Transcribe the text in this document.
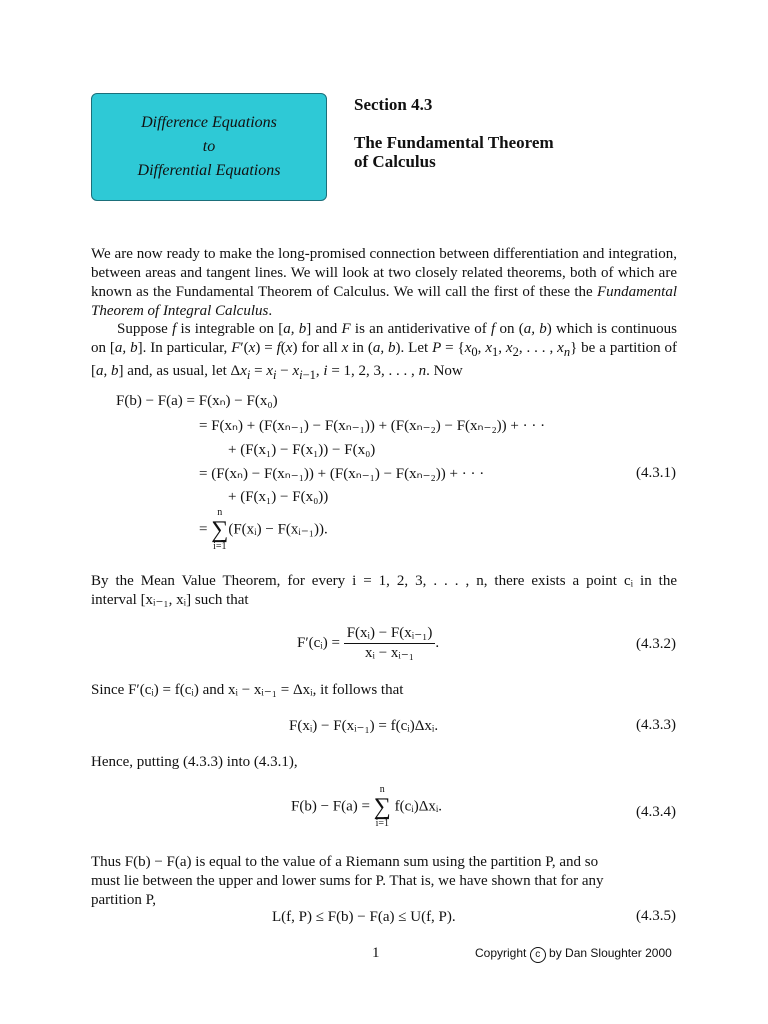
Difference Equations
to
Differential Equations
Section 4.3
The Fundamental Theorem
of Calculus

We are now ready to make the long-promised connection between differentiation and integration, between areas and tangent lines. We will look at two closely related theorems, both of which are known as the Fundamental Theorem of Calculus. We will call the first of these the Fundamental Theorem of Integral Calculus.

Suppose f is integrable on [a, b] and F is an antiderivative of f on (a, b) which is continuous on [a, b]. In particular, F′(x) = f(x) for all x in (a, b). Let $P = \{x_0$, $x_1$, $x_2$, . . . , $x_n$} be a partition of [a, b] and, as usual, let $\Delta x_i = x_i - x_{i-1}$, i = 1, 2, 3, . . . , n. Now

F(b) − F(a) = F(xₙ) − F(x₀)
= F(xₙ) + (F(xₙ₋₁) − F(xₙ₋₁)) + (F(xₙ₋₂) − F(xₙ₋₂)) + · · ·
+ (F(x₁) − F(x₁)) − F(x₀)
= (F(xₙ) − F(xₙ₋₁)) + (F(xₙ₋₁) − F(xₙ₋₂)) + · · ·
+ (F(x₁) − F(x₀))
(4.3.1)
=
n
∑
i=1
(F(xᵢ) − F(xᵢ₋₁)).
By the Mean Value Theorem, for every i = 1, 2, 3, . . . , n, there exists a point cᵢ in the
interval [xᵢ₋₁, xᵢ] such that
F′(cᵢ) = $\frac{\text{F(xᵢ) − F(xᵢ₋₁)}}{\text{xᵢ − xᵢ₋₁}}$ .	(4.3.2)
Since F′(cᵢ) = f(cᵢ) and xᵢ − xᵢ₋₁ = Δxᵢ, it follows that
F(xᵢ) − F(xᵢ₋₁) = f(cᵢ)Δxᵢ.	(4.3.3)
Hence, putting (4.3.3) into (4.3.1),
F(b) − F(a) =
n
∑
i=1
f(cᵢ)Δxᵢ.	(4.3.4)
Thus F(b) − F(a) is equal to the value of a Riemann sum using the partition P, and so
must lie between the upper and lower sums for P. That is, we have shown that for any
partition P,
L(f, P) ≤ F(b) − F(a) ≤ U(f, P).	(4.3.5)
1	Copyright c by Dan Sloughter 2000
